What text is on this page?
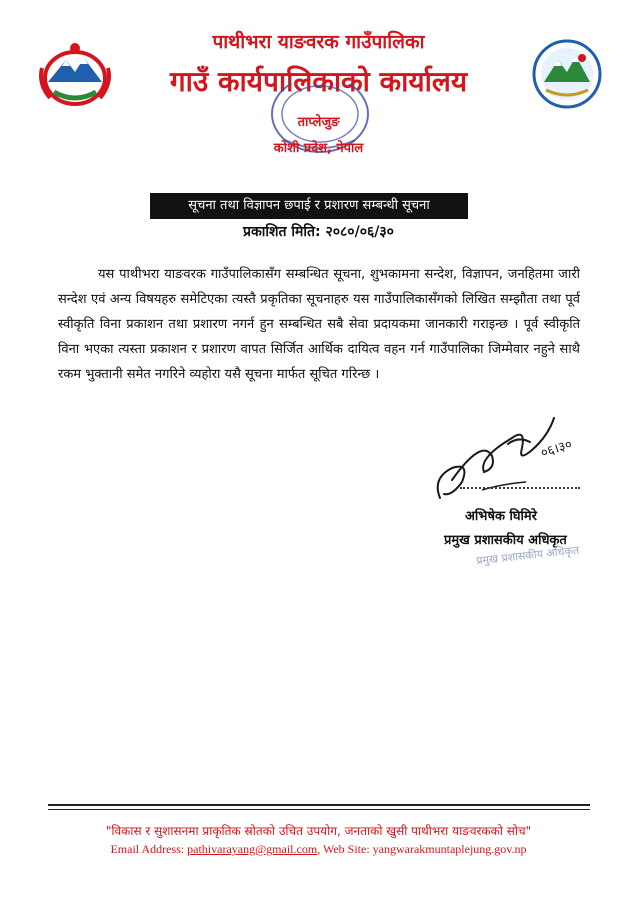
पाथीभरा याङवरक गाउँपालिका
गाउँ कार्यपालिकाको कार्यालय
ताप्लेजुङ
कोशी प्रदेश, नेपाल
सूचना तथा विज्ञापन छपाई र प्रशारण सम्बन्धी सूचना
प्रकाशित मिति: २०८०/०६/३०

यस पाथीभरा याङवरक गाउँपालिकासँग सम्बन्धित सूचना, शुभकामना सन्देश, विज्ञापन, जनहितमा जारी सन्देश एवं अन्य विषयहरु समेटिएका त्यस्तै प्रकृतिका सूचनाहरु यस गाउँपालिकासँगको लिखित सम्झौता तथा पूर्व स्वीकृति विना प्रकाशन तथा प्रशारण नगर्न हुन सम्बन्धित सबै सेवा प्रदायकमा जानकारी गराइन्छ । पूर्व स्वीकृति विना भएका त्यस्ता प्रकाशन र प्रशारण वापत सिर्जित आर्थिक दायित्व वहन गर्न गाउँपालिका जिम्मेवार नहुने साथै रकम भुक्तानी समेत नगरिने व्यहोरा यसै सूचना मार्फत सूचित गरिन्छ ।

०६।३०
अभिषेक घिमिरे
प्रमुख प्रशासकीय अधिकृत
प्रमुख प्रशासकीय अधिकृत
"विकास र सुशासनमा प्राकृतिक स्रोतको उचित उपयोग, जनताको खुसी पाथीभरा याङवरकको सोच"
Email Address: pathivarayang@gmail.com, Web Site: yangwarakmuntaplejung.gov.np
